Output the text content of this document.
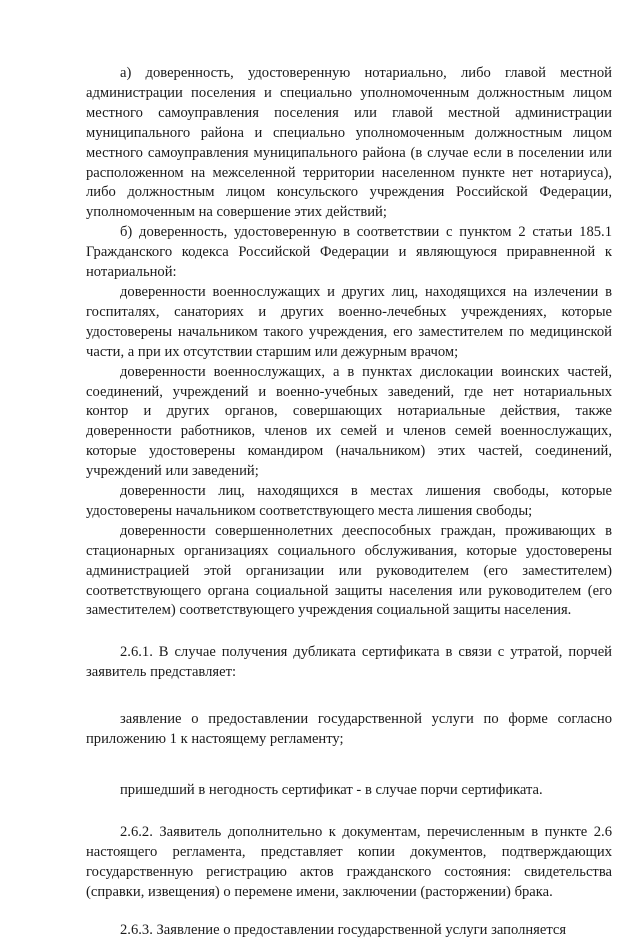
а) доверенность, удостоверенную нотариально, либо главой местной администрации поселения и специально уполномоченным должностным лицом местного самоуправления поселения или главой местной администрации муниципального района и специально уполномоченным должностным лицом местного самоуправления муниципального района (в случае если в поселении или расположенном на межселенной территории населенном пункте нет нотариуса), либо должностным лицом консульского учреждения Российской Федерации, уполномоченным на совершение этих действий;

б) доверенность, удостоверенную в соответствии с пунктом 2 статьи 185.1 Гражданского кодекса Российской Федерации и являющуюся приравненной к нотариальной:

доверенности военнослужащих и других лиц, находящихся на излечении в госпиталях, санаториях и других военно-лечебных учреждениях, которые удостоверены начальником такого учреждения, его заместителем по медицинской части, а при их отсутствии старшим или дежурным врачом;

доверенности военнослужащих, а в пунктах дислокации воинских частей, соединений, учреждений и военно-учебных заведений, где нет нотариальных контор и других органов, совершающих нотариальные действия, также доверенности работников, членов их семей и членов семей военнослужащих, которые удостоверены командиром (начальником) этих частей, соединений, учреждений или заведений;

доверенности лиц, находящихся в местах лишения свободы, которые удостоверены начальником соответствующего места лишения свободы;

доверенности совершеннолетних дееспособных граждан, проживающих в стационарных организациях социального обслуживания, которые удостоверены администрацией этой организации или руководителем (его заместителем) соответствующего органа социальной защиты населения или руководителем (его заместителем) соответствующего учреждения социальной защиты населения.

2.6.1. В случае получения дубликата сертификата в связи с утратой, порчей заявитель представляет:

заявление о предоставлении государственной услуги по форме согласно приложению 1 к настоящему регламенту;

пришедший в негодность сертификат - в случае порчи сертификата.

2.6.2. Заявитель дополнительно к документам, перечисленным в пункте 2.6 настоящего регламента, представляет копии документов, подтверждающих государственную регистрацию актов гражданского состояния: свидетельства (справки, извещения) о перемене имени, заключении (расторжении) брака.

2.6.3. Заявление о предоставлении государственной услуги заполняется
